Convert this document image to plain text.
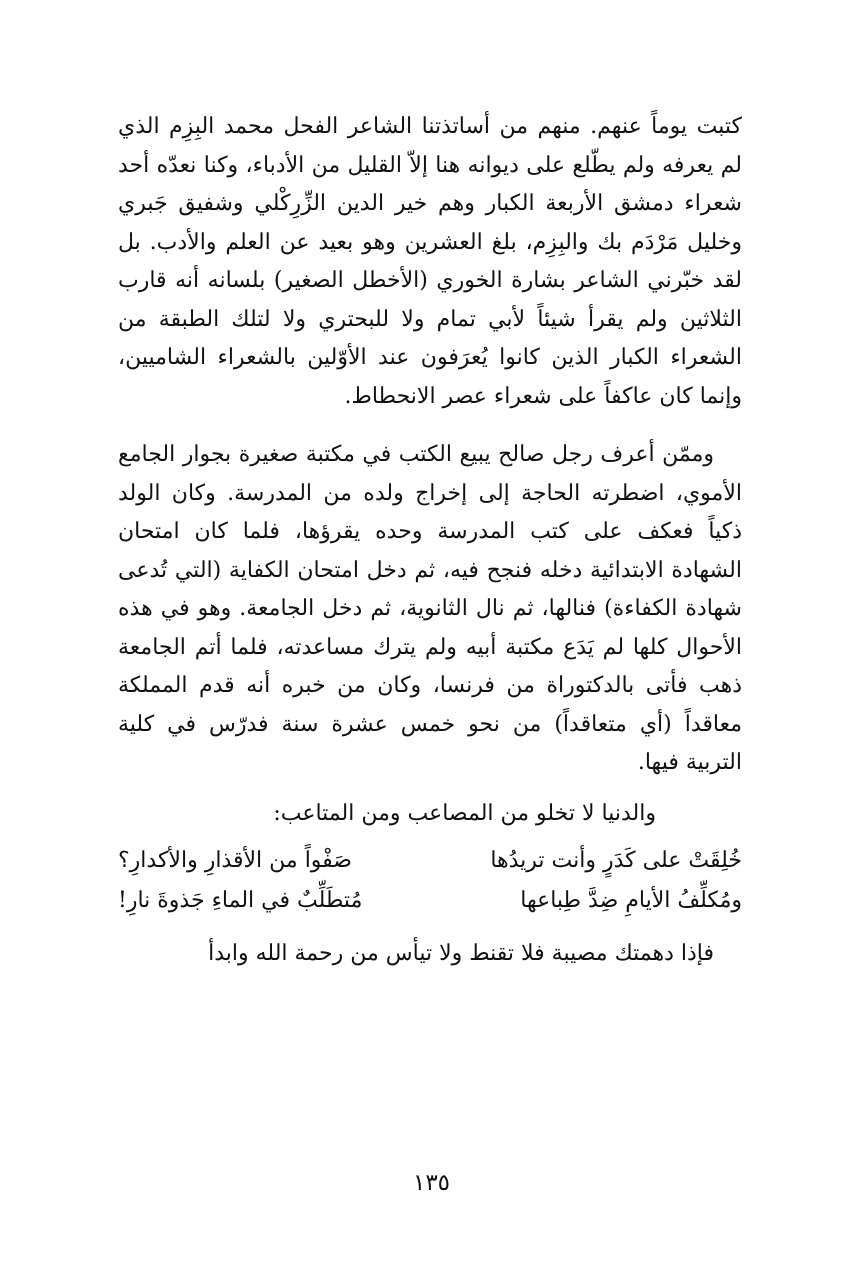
كتبت يوماً عنهم. منهم من أساتذتنا الشاعر الفحل محمد البِزِم الذي لم يعرفه ولم يطّلع على ديوانه هنا إلاّ القليل من الأدباء، وكنا نعدّه أحد شعراء دمشق الأربعة الكبار وهم خير الدين الزِّرِكْلي وشفيق جَبري وخليل مَرْدَم بك والبِزِم، بلغ العشرين وهو بعيد عن العلم والأدب. بل لقد خبّرني الشاعر بشارة الخوري (الأخطل الصغير) بلسانه أنه قارب الثلاثين ولم يقرأ شيئاً لأبي تمام ولا للبحتري ولا لتلك الطبقة من الشعراء الكبار الذين كانوا يُعرَفون عند الأوّلين بالشعراء الشاميين، وإنما كان عاكفاً على شعراء عصر الانحطاط.

وممّن أعرف رجل صالح يبيع الكتب في مكتبة صغيرة بجوار الجامع الأموي، اضطرته الحاجة إلى إخراج ولده من المدرسة. وكان الولد ذكياً فعكف على كتب المدرسة وحده يقرؤها، فلما كان امتحان الشهادة الابتدائية دخله فنجح فيه، ثم دخل امتحان الكفاية (التي تُدعى شهادة الكفاءة) فنالها، ثم نال الثانوية، ثم دخل الجامعة. وهو في هذه الأحوال كلها لم يَدَع مكتبة أبيه ولم يترك مساعدته، فلما أتم الجامعة ذهب فأتى بالدكتوراة من فرنسا، وكان من خبره أنه قدم المملكة معاقداً (أي متعاقداً) من نحو خمس عشرة سنة فدرّس في كلية التربية فيها.

والدنيا لا تخلو من المصاعب ومن المتاعب:

خُلِقَتْ على كَدَرٍ وأنت تريدُها
صَفْواً من الأقذارِ والأكدارِ؟
ومُكلِّفُ الأيامِ ضِدَّ طِباعها
مُتطَلِّبٌ في الماءِ جَذوةَ نارِ!

فإذا دهمتك مصيبة فلا تقنط ولا تيأس من رحمة الله وابدأ

١٣٥
